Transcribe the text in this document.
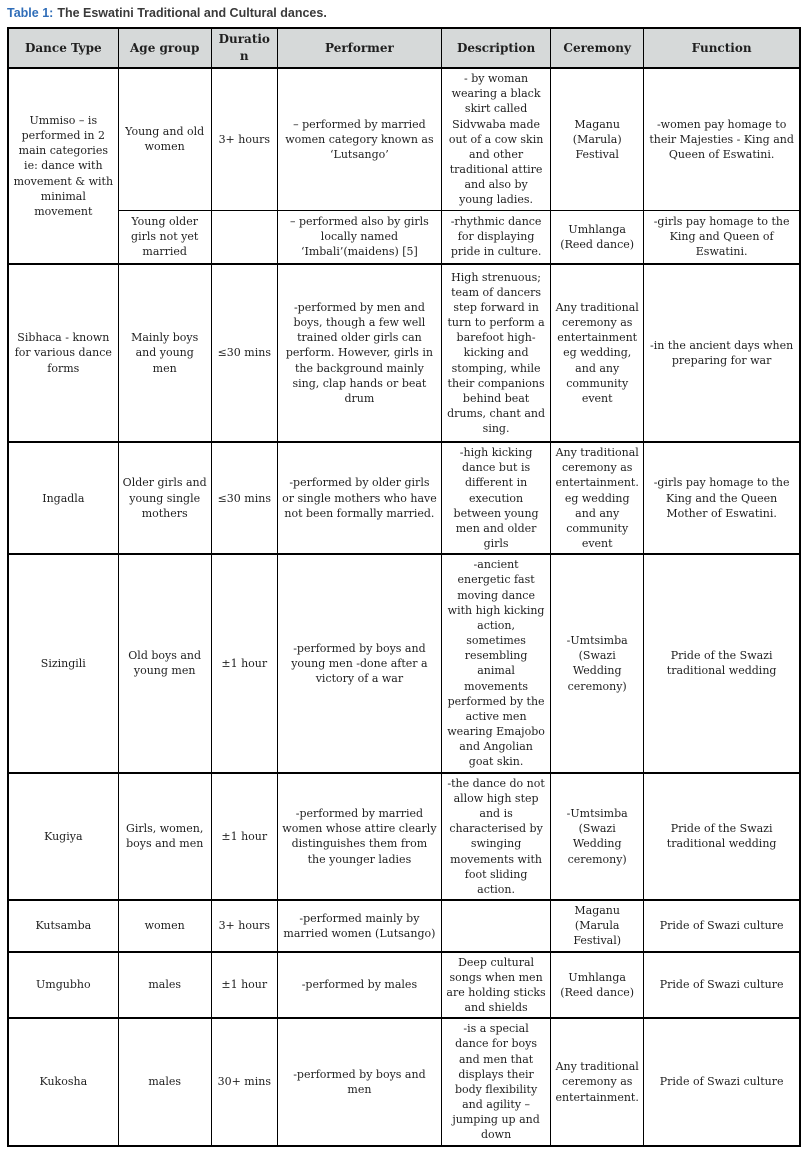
Table 1: The Eswatini Traditional and Cultural dances.
Dance Type	Age group	Duration	Performer	Description	Ceremony	Function
Ummiso – is performed in 2 main categories ie: dance with movement & with minimal movement	Young and old women	3+ hours	– performed by married women category known as ‘Lutsango’	- by woman wearing a black skirt called Sidvwaba made out of a cow skin and other traditional attire and also by young ladies.	Maganu (Marula) Festival	-women pay homage to their Majesties - King and Queen of Eswatini.
	Young older girls not yet married		– performed also by girls locally named ‘Imbali’(maidens) [5]	-rhythmic dance for displaying pride in culture.	Umhlanga (Reed dance)	-girls pay homage to the King and Queen of Eswatini.
Sibhaca - known for various dance forms	Mainly boys and young men	≤30 mins	-performed by men and boys, though a few well trained older girls can perform. However, girls in the background mainly sing, clap hands or beat drum	High strenuous; team of dancers step forward in turn to perform a barefoot high-kicking and stomping, while their companions behind beat drums, chant and sing.	Any traditional ceremony as entertainment eg wedding, and any community event	-in the ancient days when preparing for war
Ingadla	Older girls and young single mothers	≤30 mins	-performed by older girls or single mothers who have not been formally married.	-high kicking dance but is different in execution between young men and older girls	Any traditional ceremony as entertainment. eg wedding and any community event	-girls pay homage to the King and the Queen Mother of Eswatini.
Sizingili	Old boys and young men	±1 hour	-performed by boys and young men -done after a victory of a war	-ancient energetic fast moving dance with high kicking action, sometimes resembling animal movements performed by the active men wearing Emajobo and Angolian goat skin.	-Umtsimba (Swazi Wedding ceremony)	Pride of the Swazi traditional wedding
Kugiya	Girls, women, boys and men	±1 hour	-performed by married women whose attire clearly distinguishes them from the younger ladies	-the dance do not allow high step and is characterised by swinging movements with foot sliding action.	-Umtsimba (Swazi Wedding ceremony)	Pride of the Swazi traditional wedding
Kutsamba	women	3+ hours	-performed mainly by married women (Lutsango)		Maganu (Marula Festival)	Pride of Swazi culture
Umgubho	males	±1 hour	-performed by males	Deep cultural songs when men are holding sticks and shields	Umhlanga (Reed dance)	Pride of Swazi culture
Kukosha	males	30+ mins	-performed by boys and men	-is a special dance for boys and men that displays their body flexibility and agility – jumping up and down	Any traditional ceremony as entertainment.	Pride of Swazi culture
